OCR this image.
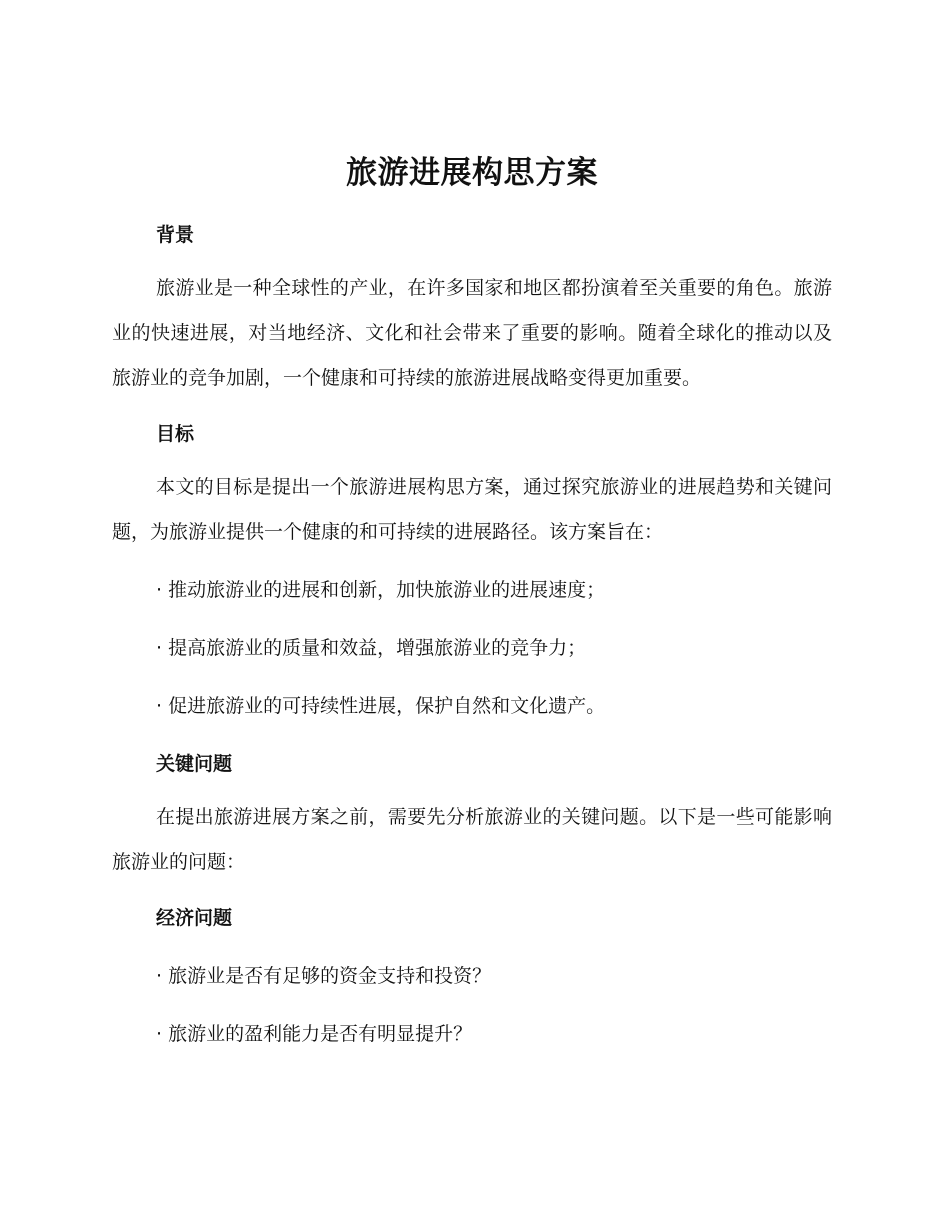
旅游进展构思方案
背景

旅游业是一种全球性的产业，在许多国家和地区都扮演着至关重要的角色。旅游业的快速进展，对当地经济、文化和社会带来了重要的影响。随着全球化的推动以及旅游业的竞争加剧，一个健康和可持续的旅游进展战略变得更加重要。

目标

本文的目标是提出一个旅游进展构思方案，通过探究旅游业的进展趋势和关键问题，为旅游业提供一个健康的和可持续的进展路径。该方案旨在：

· 推动旅游业的进展和创新，加快旅游业的进展速度；

· 提高旅游业的质量和效益，增强旅游业的竞争力；

· 促进旅游业的可持续性进展，保护自然和文化遗产。

关键问题

在提出旅游进展方案之前，需要先分析旅游业的关键问题。以下是一些可能影响旅游业的问题：

经济问题

· 旅游业是否有足够的资金支持和投资？

· 旅游业的盈利能力是否有明显提升？
